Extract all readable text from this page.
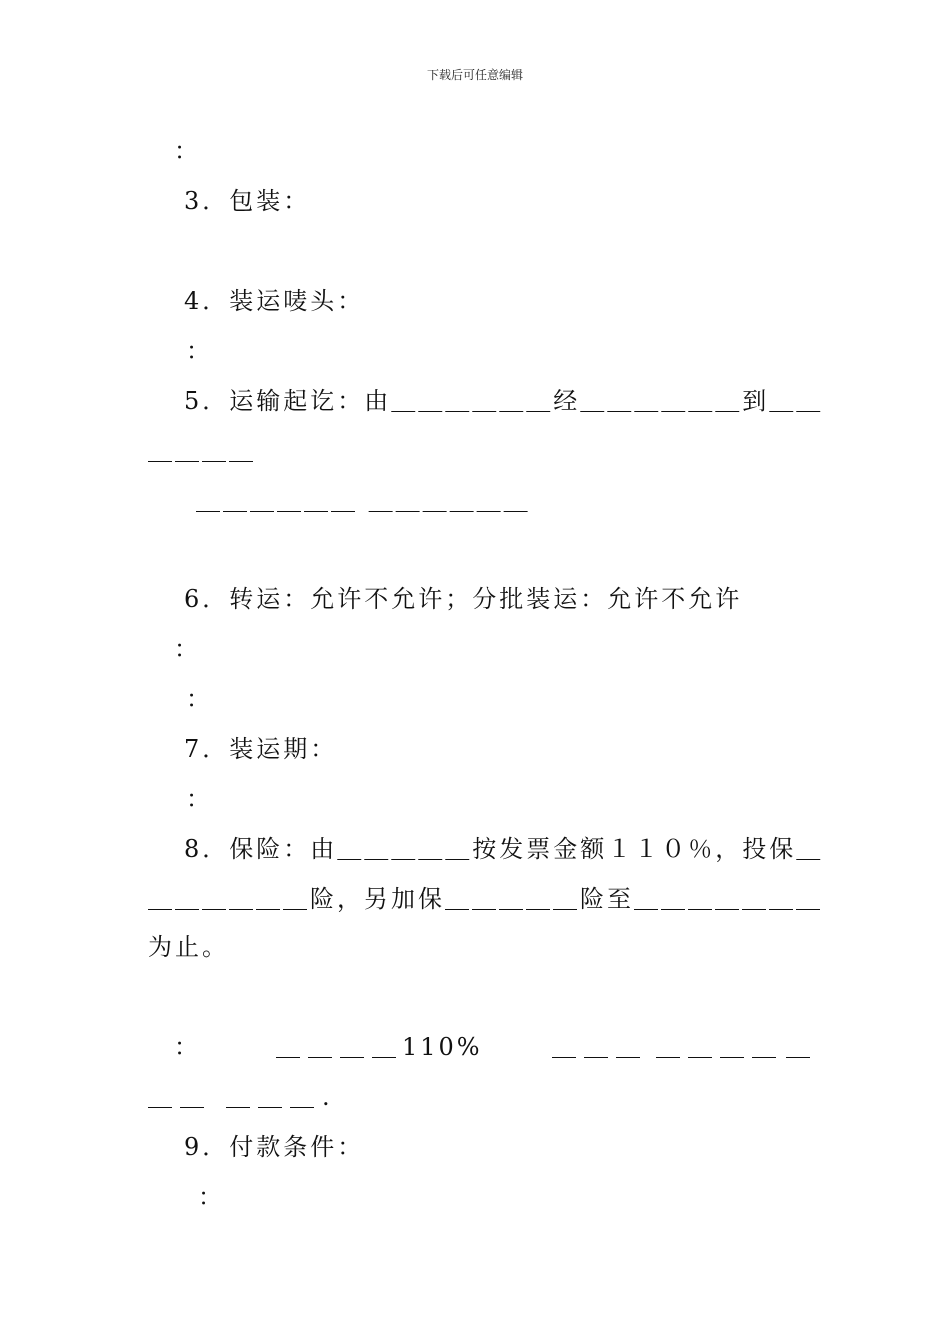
下载后可任意编辑
：
3．包装：
4．装运唛头：
：
5．运输起讫：由＿＿＿＿＿＿经＿＿＿＿＿＿到＿＿
＿＿＿＿
＿＿＿＿＿＿ ＿＿＿＿＿＿
6．转运：允许不允许；分批装运：允许不允许
：
：
7．装运期：
：
8．保险：由＿＿＿＿＿按发票金额１１０％，投保＿
＿＿＿＿＿＿险，另加保＿＿＿＿＿险至＿＿＿＿＿＿＿
为止。
：	＿＿＿＿
110%	＿＿＿ ＿＿＿＿ ＿
＿＿ ＿＿＿.
9．付款条件：
：
